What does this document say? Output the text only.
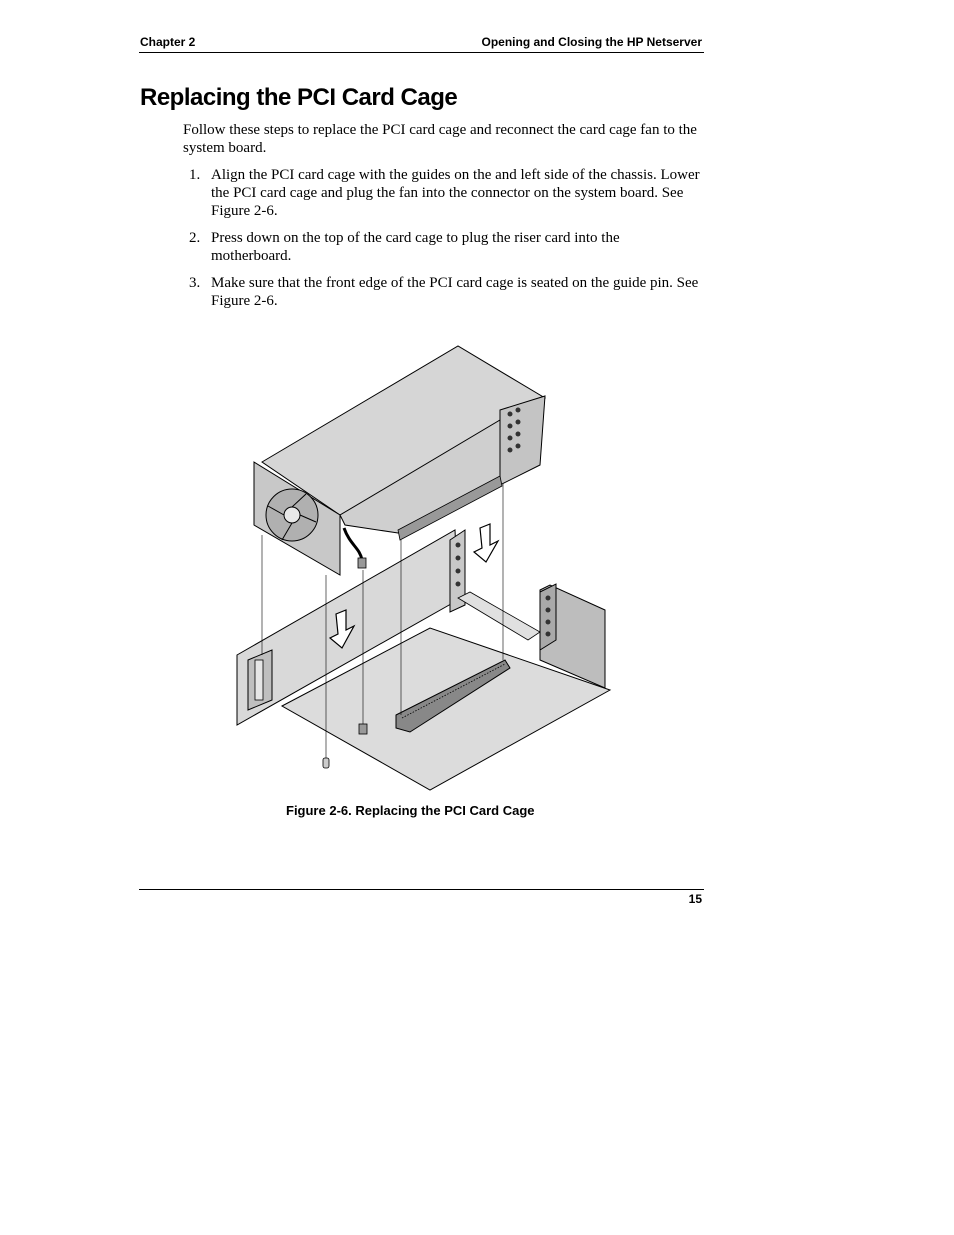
Chapter 2	Opening and Closing the HP Netserver
Replacing the PCI Card Cage

Follow these steps to replace the PCI card cage and reconnect the card cage fan to the system board.

1. Align the PCI card cage with the guides on the and left side of the chassis. Lower the PCI card cage and plug the fan into the connector on the system board. See Figure 2-6.
2. Press down on the top of the card cage to plug the riser card into the motherboard.
3. Make sure that the front edge of the PCI card cage is seated on the guide pin. See Figure 2-6.
Figure 2-6. Replacing the PCI Card Cage
15
